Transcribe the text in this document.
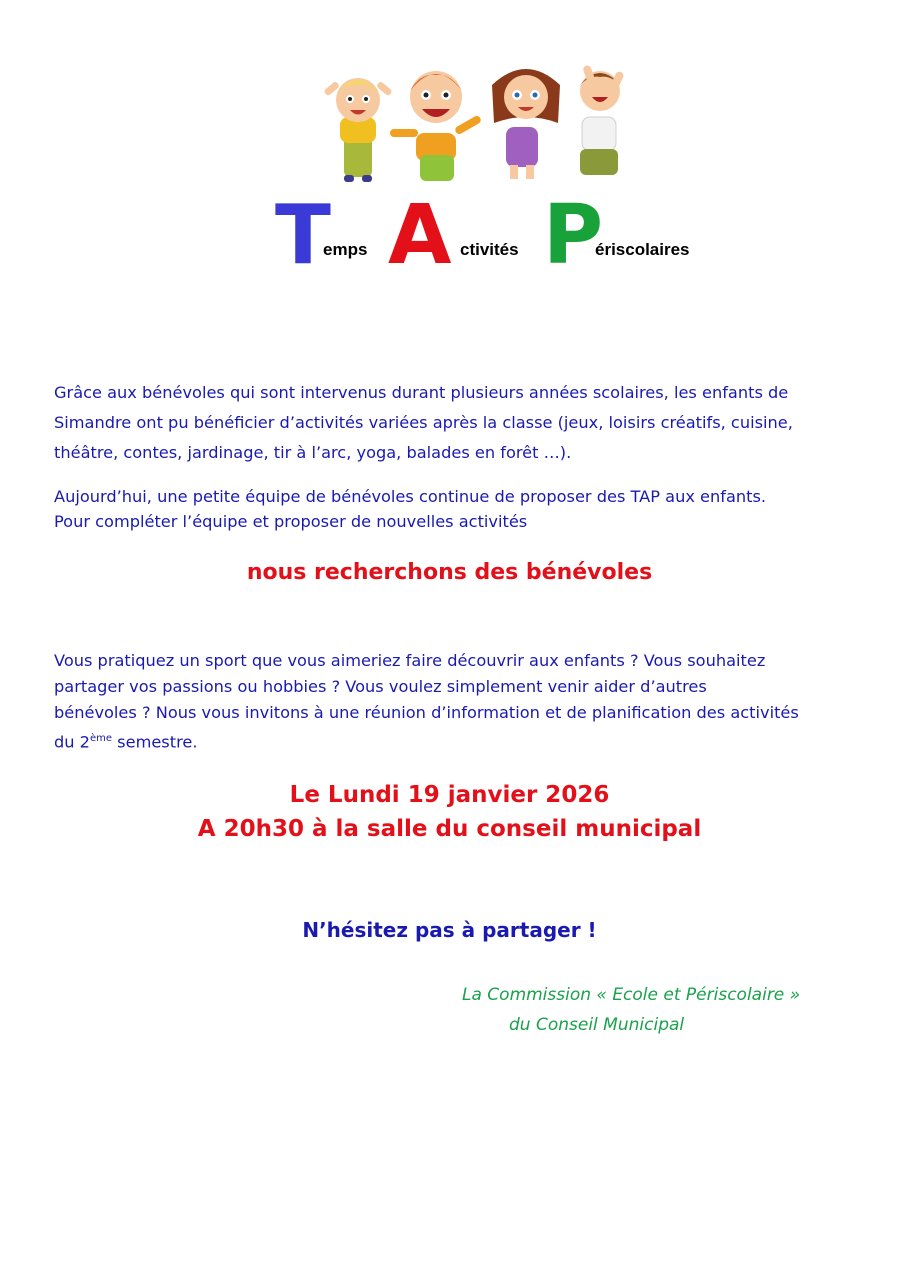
T
emps A ctivités P
ériscolaires
Grâce aux bénévoles qui sont intervenus durant plusieurs années scolaires, les enfants de
Simandre ont pu bénéficier d’activités variées après la classe (jeux, loisirs créatifs, cuisine,
théâtre, contes, jardinage, tir à l’arc, yoga, balades en forêt …).
Aujourd’hui, une petite équipe de bénévoles continue de proposer des TAP aux enfants.
Pour compléter l’équipe et proposer de nouvelles activités
nous recherchons des bénévoles
Vous pratiquez un sport que vous aimeriez faire découvrir aux enfants ? Vous souhaitez
partager vos passions ou hobbies ? Vous voulez simplement venir aider d’autres
bénévoles ? Nous vous invitons à une réunion d’information et de planification des activités
du 2ème semestre.
Le Lundi 19 janvier 2026
A 20h30 à la salle du conseil municipal
N’hésitez pas à partager !
La Commission « Ecole et Périscolaire »
du Conseil Municipal
